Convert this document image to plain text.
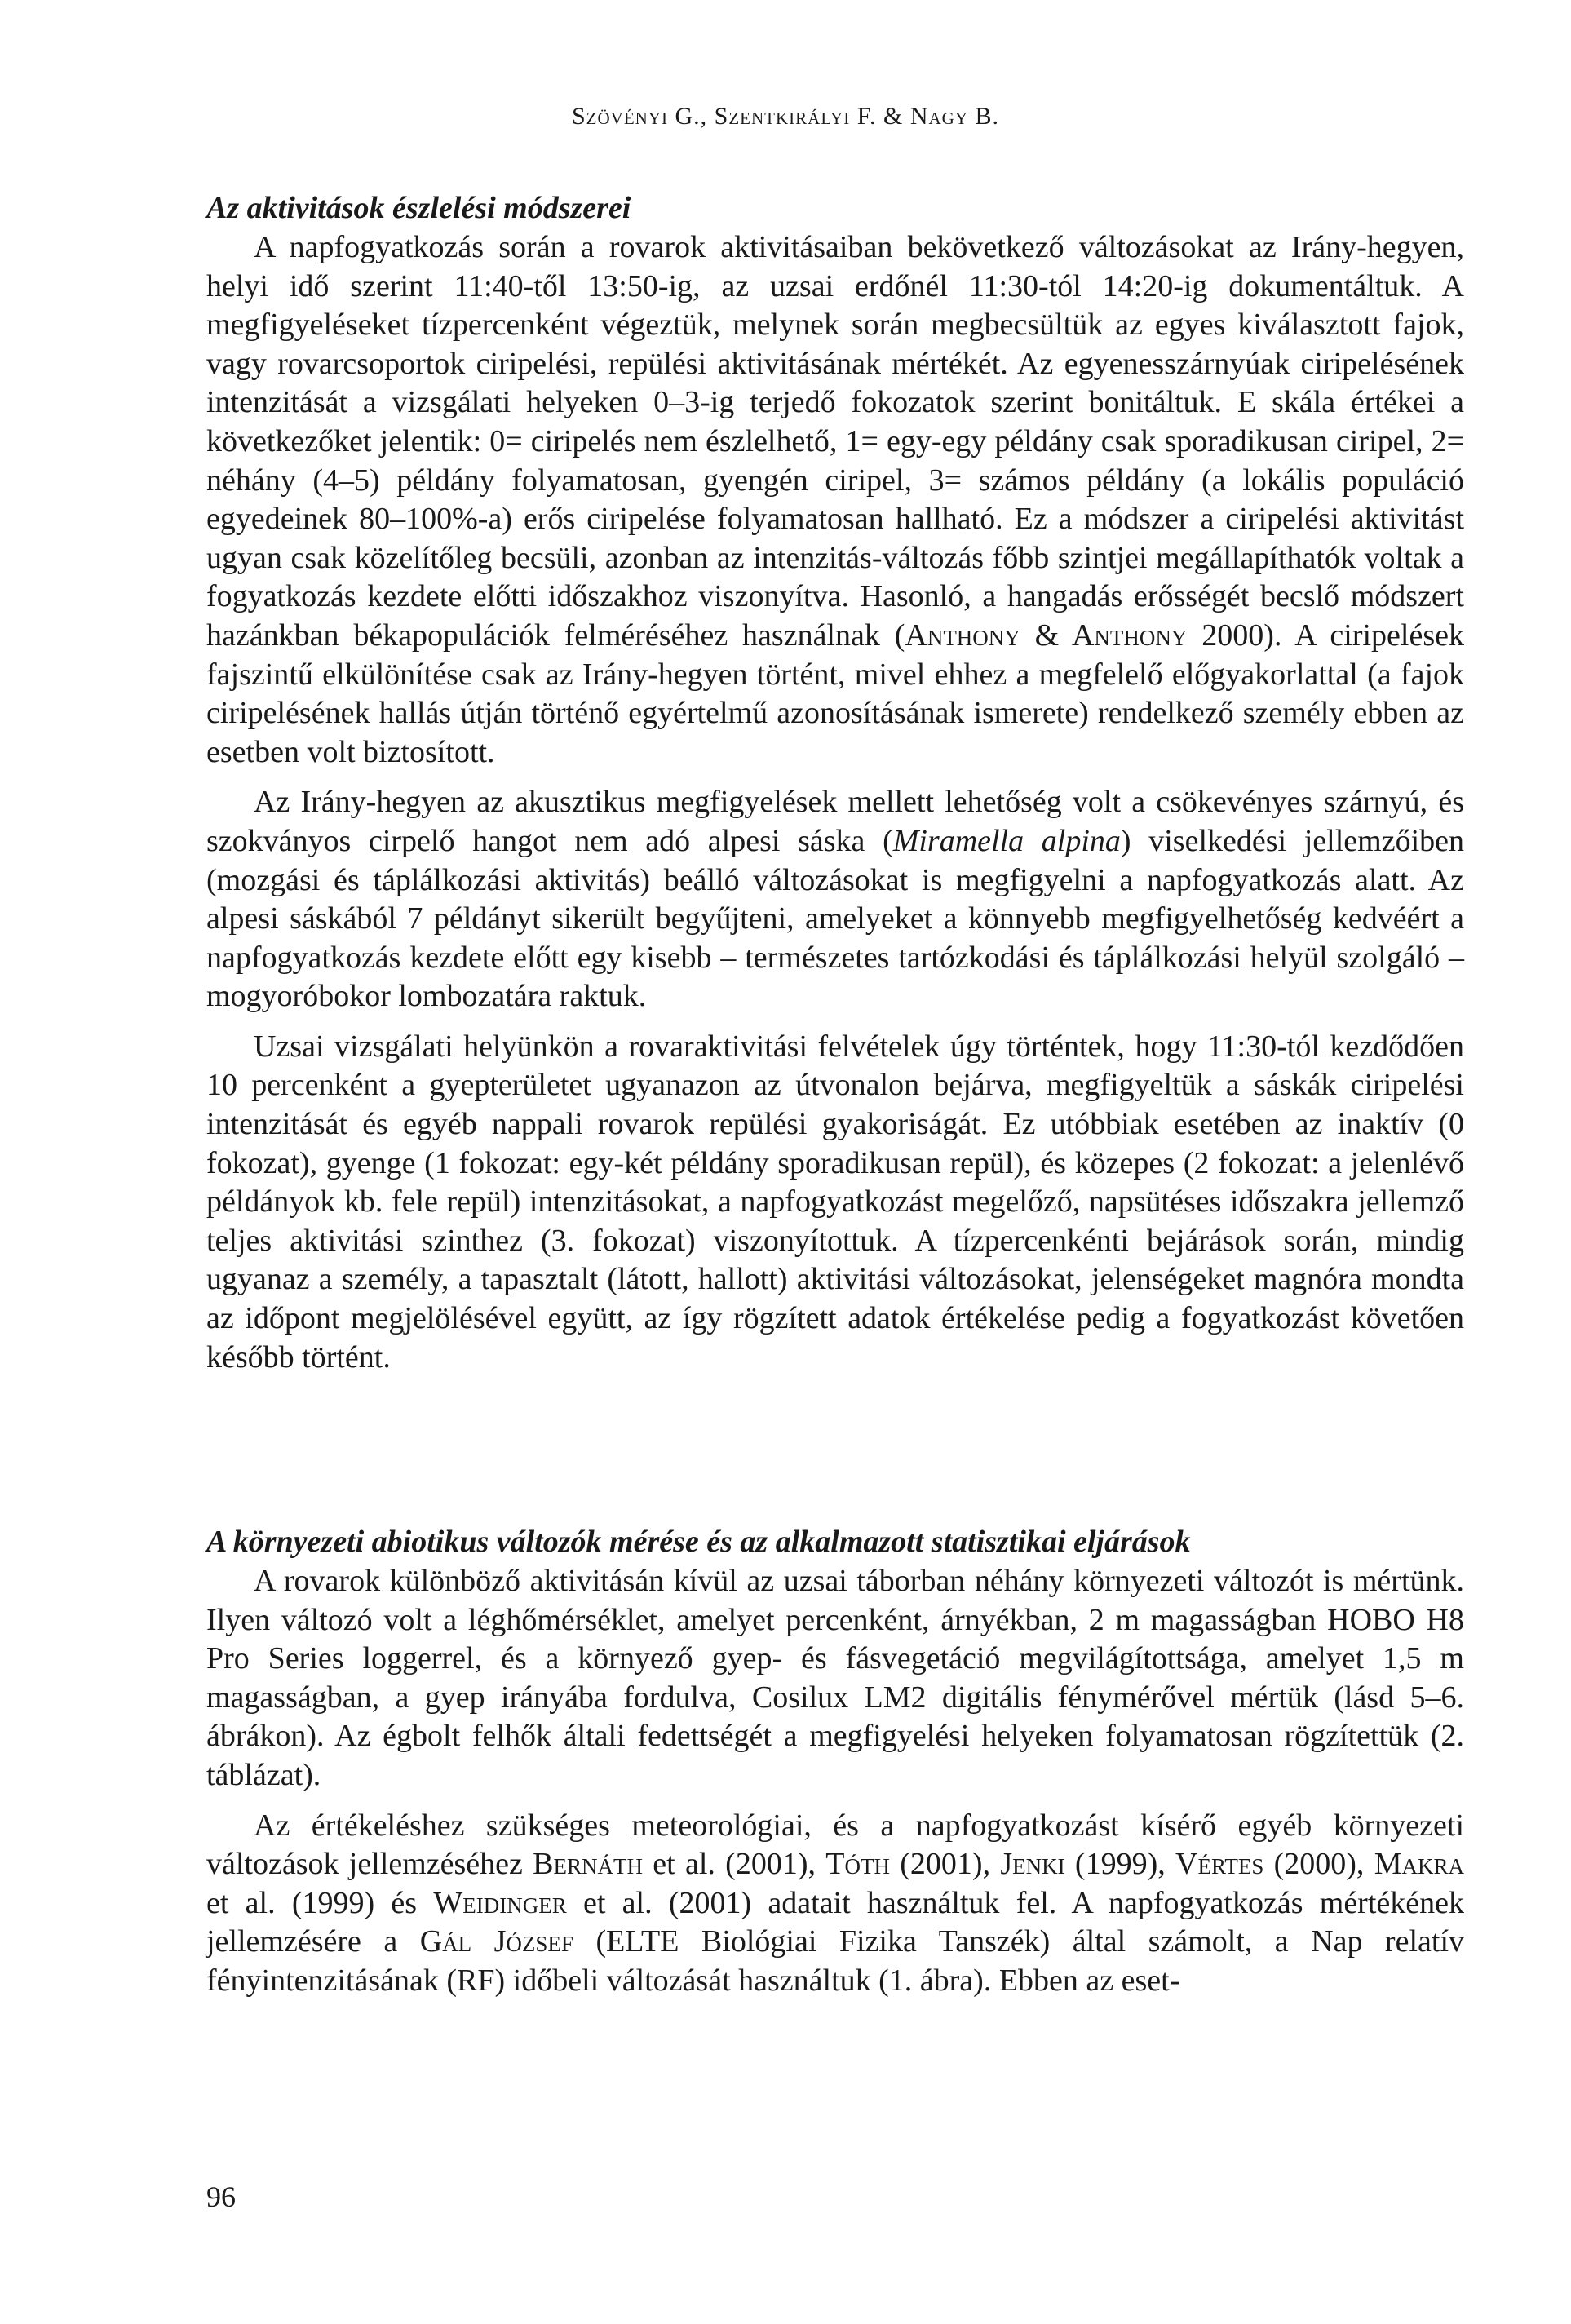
Szövényi G., Szentkirályi F. & Nagy B.
Az aktivitások észlelési módszerei

A napfogyatkozás során a rovarok aktivitásaiban bekövetkező változásokat az Irány-hegyen, helyi idő szerint 11:40-től 13:50-ig, az uzsai erdőnél 11:30-tól 14:20-ig dokumentáltuk. A megfigyeléseket tízpercenként végeztük, melynek során megbecsültük az egyes kiválasztott fajok, vagy rovarcsoportok ciripelési, repülési aktivitásának mértékét. Az egyenesszárnyúak ciripelésének intenzitását a vizsgálati helyeken 0–3-ig terjedő fokozatok szerint bonitáltuk. E skála értékei a következőket jelentik: 0= ciripelés nem észlelhető, 1= egy-egy példány csak sporadikusan ciripel, 2= néhány (4–5) példány folyamatosan, gyengén ciripel, 3= számos példány (a lokális populáció egyedeinek 80–100%-a) erős ciripelése folyamatosan hallható. Ez a módszer a ciripelési aktivitást ugyan csak közelítőleg becsüli, azonban az intenzitás-változás főbb szintjei megállapíthatók voltak a fogyatkozás kezdete előtti időszakhoz viszonyítva. Hasonló, a hangadás erősségét becslő módszert hazánkban békapopulációk felméréséhez használnak (Anthony & Anthony 2000). A ciripelések fajszintű elkülönítése csak az Irány-hegyen történt, mivel ehhez a megfelelő előgyakorlattal (a fajok ciripelésének hallás útján történő egyértelmű azonosításának ismerete) rendelkező személy ebben az esetben volt biztosított.

Az Irány-hegyen az akusztikus megfigyelések mellett lehetőség volt a csökevényes szárnyú, és szokványos cirpelő hangot nem adó alpesi sáska (Miramella alpina) viselkedési jellemzőiben (mozgási és táplálkozási aktivitás) beálló változásokat is megfigyelni a napfogyatkozás alatt. Az alpesi sáskából 7 példányt sikerült begyűjteni, amelyeket a könnyebb megfigyelhetőség kedvéért a napfogyatkozás kezdete előtt egy kisebb – természetes tartózkodási és táplálkozási helyül szolgáló – mogyoróbokor lombozatára raktuk.

Uzsai vizsgálati helyünkön a rovaraktivitási felvételek úgy történtek, hogy 11:30-tól kezdődően 10 percenként a gyepterületet ugyanazon az útvonalon bejárva, megfigyeltük a sáskák ciripelési intenzitását és egyéb nappali rovarok repülési gyakoriságát. Ez utóbbiak esetében az inaktív (0 fokozat), gyenge (1 fokozat: egy-két példány sporadikusan repül), és közepes (2 fokozat: a jelenlévő példányok kb. fele repül) intenzitásokat, a napfogyatkozást megelőző, napsütéses időszakra jellemző teljes aktivitási szinthez (3. fokozat) viszonyítottuk. A tízpercenkénti bejárások során, mindig ugyanaz a személy, a tapasztalt (látott, hallott) aktivitási változásokat, jelenségeket magnóra mondta az időpont megjelölésével együtt, az így rögzített adatok értékelése pedig a fogyatkozást követően később történt.

A környezeti abiotikus változók mérése és az alkalmazott statisztikai eljárások

A rovarok különböző aktivitásán kívül az uzsai táborban néhány környezeti változót is mértünk. Ilyen változó volt a léghőmérséklet, amelyet percenként, árnyékban, 2 m magasságban HOBO H8 Pro Series loggerrel, és a környező gyep- és fásvegetáció megvilágítottsága, amelyet 1,5 m magasságban, a gyep irányába fordulva, Cosilux LM2 digitális fénymérővel mértük (lásd 5–6. ábrákon). Az égbolt felhők általi fedettségét a megfigyelési helyeken folyamatosan rögzítettük (2. táblázat).

Az értékeléshez szükséges meteorológiai, és a napfogyatkozást kísérő egyéb környezeti változások jellemzéséhez Bernáth et al. (2001), Tóth (2001), Jenki (1999), Vértes (2000), Makra et al. (1999) és Weidinger et al. (2001) adatait használtuk fel. A napfogyatkozás mértékének jellemzésére a Gál József (ELTE Biológiai Fizika Tanszék) által számolt, a Nap relatív fényintenzitásának (RF) időbeli változását használtuk (1. ábra). Ebben az eset-

96
